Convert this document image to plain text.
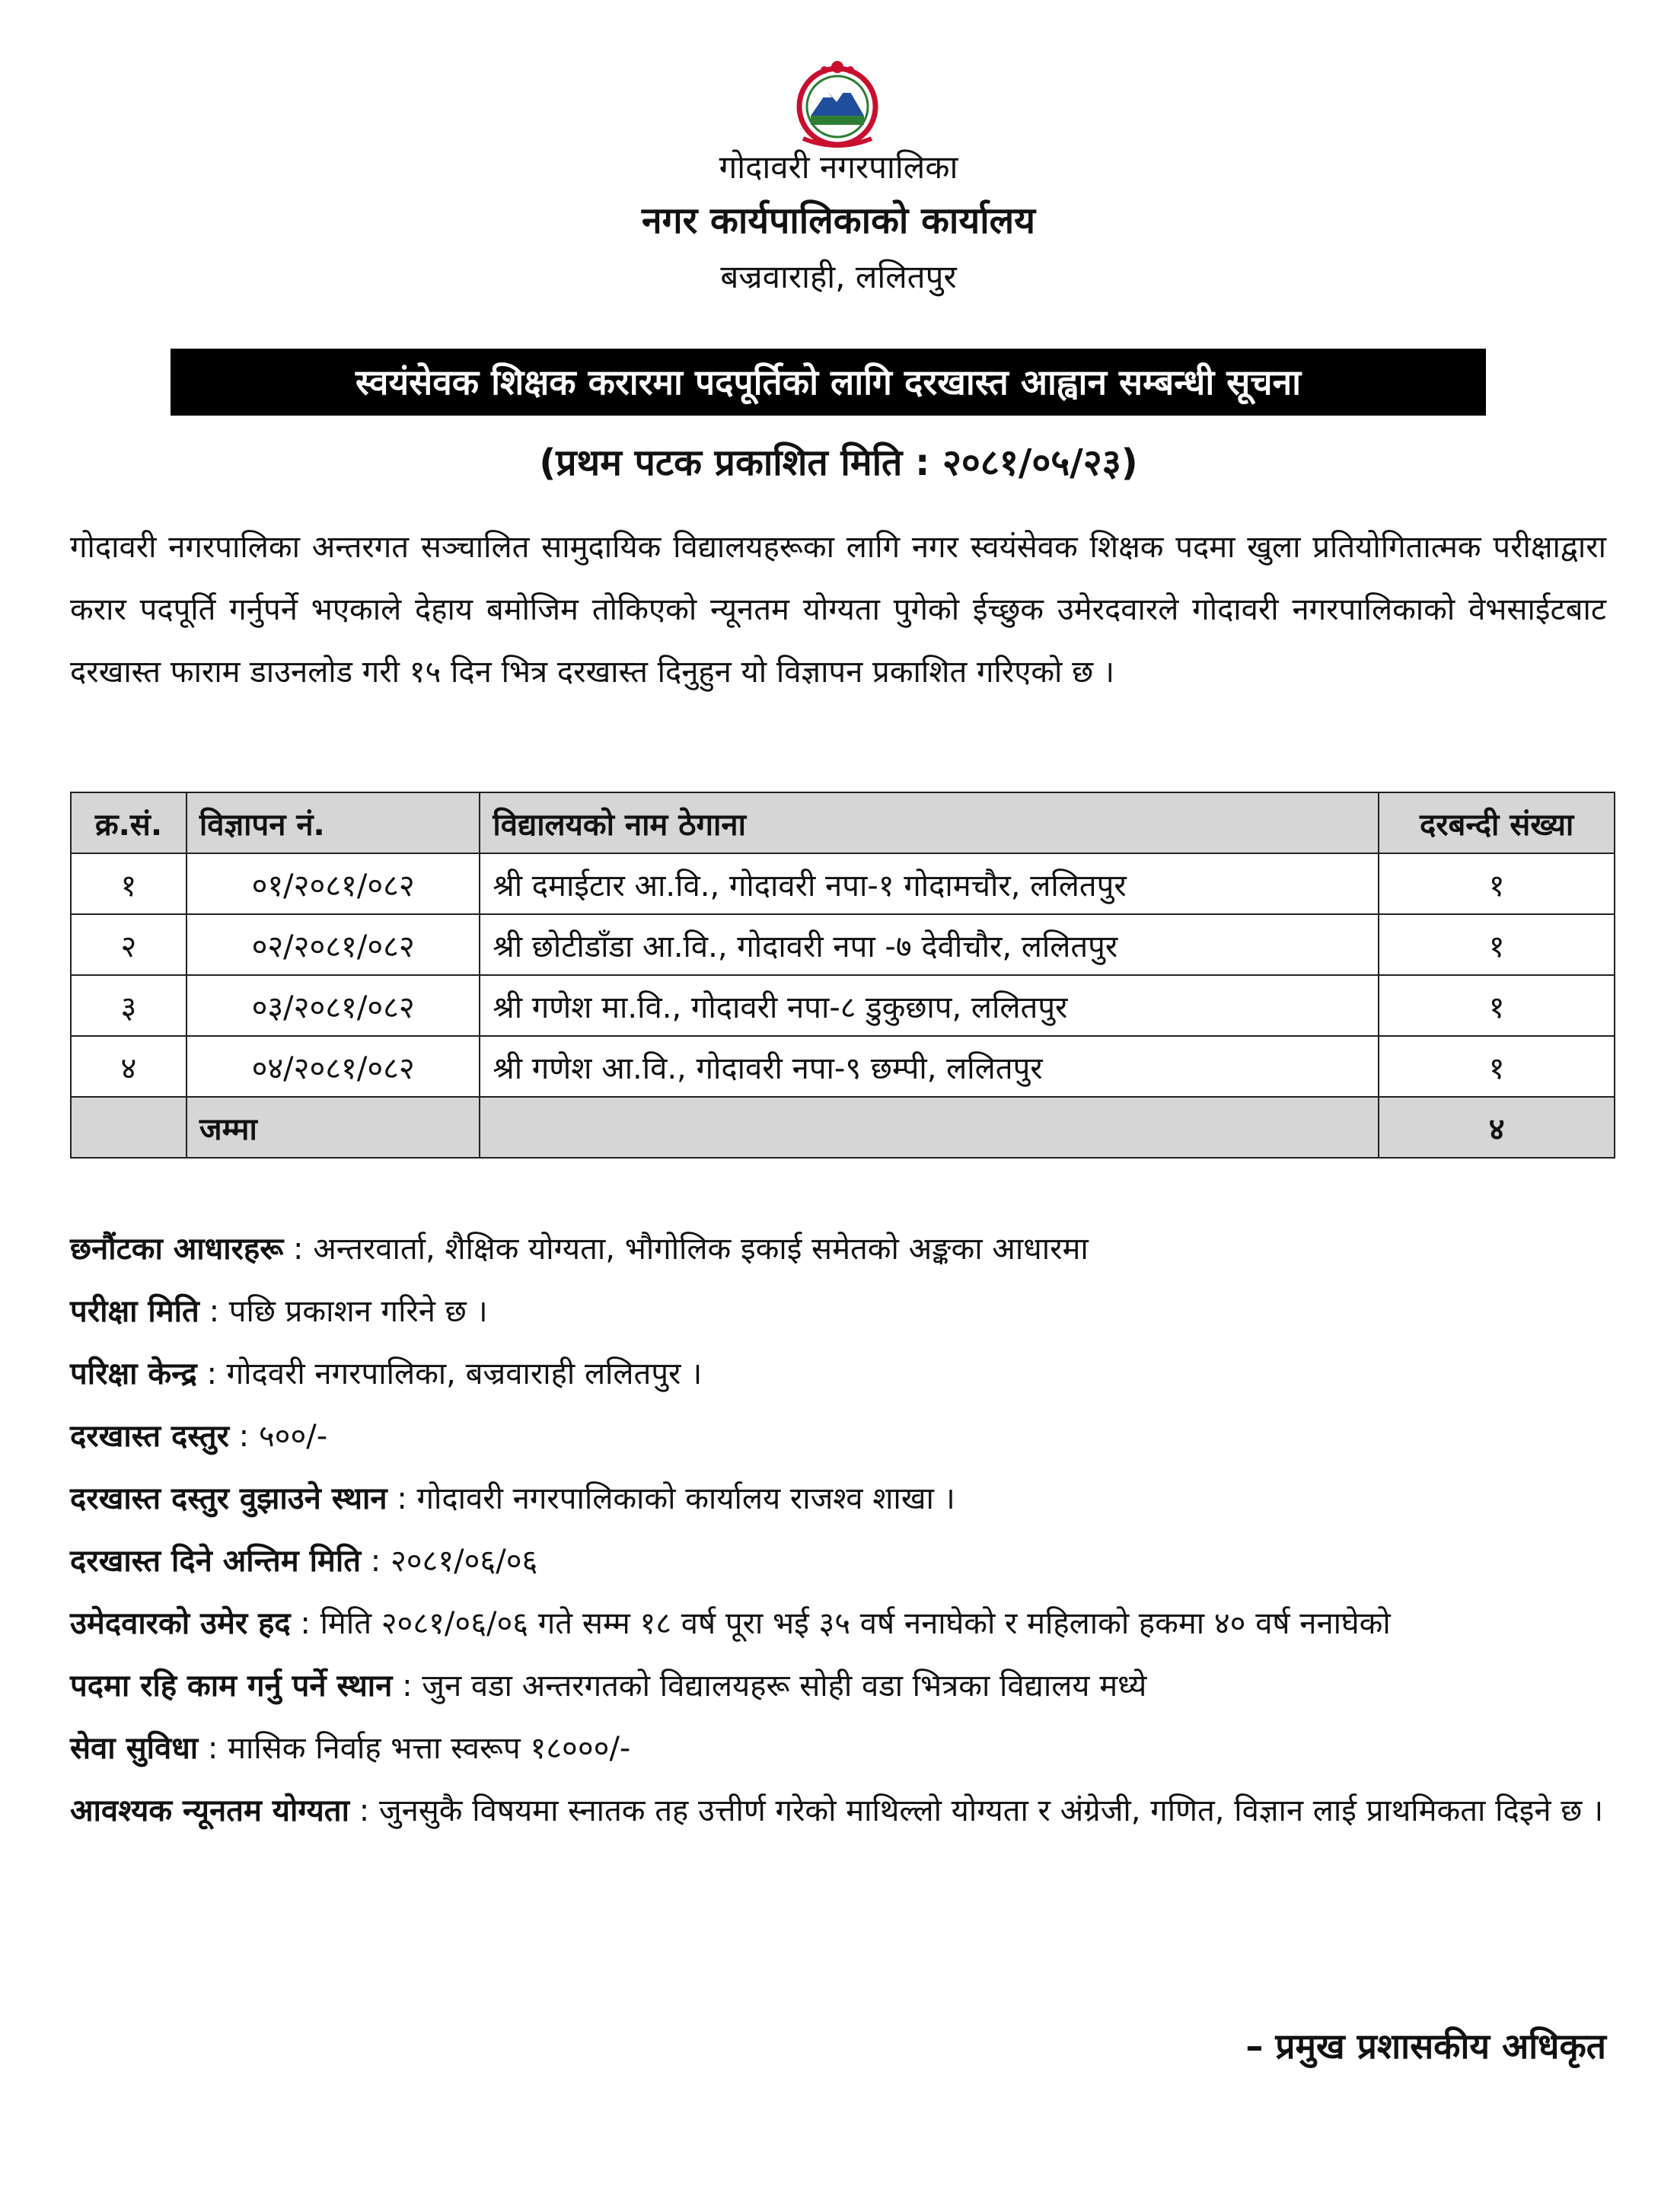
गोदावरी नगरपालिका
नगर कार्यपालिकाको कार्यालय
बज्रवाराही, ललितपुर
स्वयंसेवक शिक्षक करारमा पदपूर्तिको लागि दरखास्त आह्वान सम्बन्धी सूचना
(प्रथम पटक प्रकाशित मिति : २०८१/०५/२३)
गोदावरी नगरपालिका अन्तरगत सञ्चालित सामुदायिक विद्यालयहरूका लागि नगर स्वयंसेवक शिक्षक पदमा खुला प्रतियोगितात्मक परीक्षाद्वारा करार पदपूर्ति गर्नुपर्ने भएकाले देहाय बमोजिम तोकिएको न्यूनतम योग्यता पुगेको ईच्छुक उमेरदवारले गोदावरी नगरपालिकाको वेभसाईटबाट दरखास्त फाराम डाउनलोड गरी १५ दिन भित्र दरखास्त दिनुहुन यो विज्ञापन प्रकाशित गरिएको छ ।
क्र.सं.	विज्ञापन नं.	विद्यालयको नाम ठेगाना	दरबन्दी संख्या
१	०१/२०८१/०८२	श्री दमाईटार आ.वि., गोदावरी नपा-१ गोदामचौर, ललितपुर	१
२	०२/२०८१/०८२	श्री छोटीडाँडा आ.वि., गोदावरी नपा -७ देवीचौर, ललितपुर	१
३	०३/२०८१/०८२	श्री गणेश मा.वि., गोदावरी नपा-८ डुकुछाप, ललितपुर	१
४	०४/२०८१/०८२	श्री गणेश आ.वि., गोदावरी नपा-९ छम्पी, ललितपुर	१
	जम्मा		४
छनौंटका आधारहरू : अन्तरवार्ता, शैक्षिक योग्यता, भौगोलिक इकाई समेतको अङ्कका आधारमा
परीक्षा मिति : पछि प्रकाशन गरिने छ ।
परिक्षा केन्द्र : गोदवरी नगरपालिका, बज्रवाराही ललितपुर ।
दरखास्त दस्तुर : ५००/-
दरखास्त दस्तुर वुझाउने स्थान : गोदावरी नगरपालिकाको कार्यालय राजश्व शाखा ।
दरखास्त दिने अन्तिम मिति : २०८१/०६/०६
उमेदवारको उमेर हद : मिति २०८१/०६/०६ गते सम्म १८ वर्ष पूरा भई ३५ वर्ष ननाघेको र महिलाको हकमा ४० वर्ष ननाघेको
पदमा रहि काम गर्नु पर्ने स्थान : जुन वडा अन्तरगतको विद्यालयहरू सोही वडा भित्रका विद्यालय मध्ये
सेवा सुविधा : मासिक निर्वाह भत्ता स्वरूप १८०००/-
आवश्यक न्यूनतम योग्यता : जुनसुकै विषयमा स्नातक तह उत्तीर्ण गरेको माथिल्लो योग्यता र अंग्रेजी, गणित, विज्ञान लाई प्राथमिकता दिइने छ ।
– प्रमुख प्रशासकीय अधिकृत
